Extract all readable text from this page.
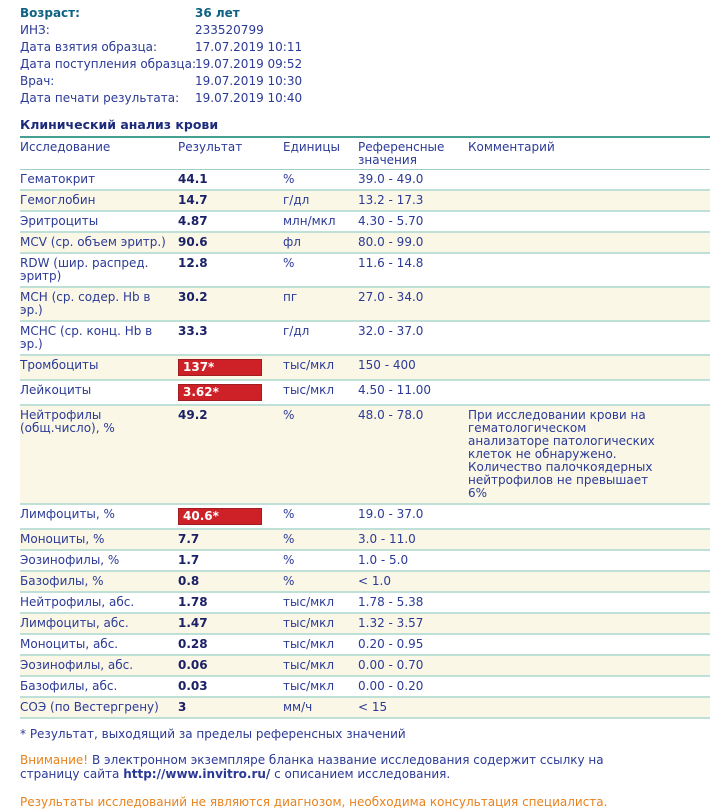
Возраст:	36 лет
ИНЗ:	233520799
Дата взятия образца:	17.07.2019 10:11
Дата поступления образца:19.07.2019 09:52
Врач:	19.07.2019 10:30
Дата печати результата: 19.07.2019 10:40
Клинический анализ крови
Исследование	Результат	Единицы	Референсные значения	Комментарий
Гематокрит	44.1	%	39.0 - 49.0	
Гемоглобин	14.7	г/дл	13.2 - 17.3	
Эритроциты	4.87	млн/мкл	4.30 - 5.70	
MCV (ср. объем эритр.)	90.6	фл	80.0 - 99.0	
RDW (шир. распред. эритр)	12.8	%	11.6 - 14.8	
MCH (ср. содер. Hb в эр.)	30.2	пг	27.0 - 34.0	
MCHC (ср. конц. Hb в эр.)	33.3	г/дл	32.0 - 37.0	
Тромбоциты	137*	тыс/мкл	150 - 400	
Лейкоциты	3.62*	тыс/мкл	4.50 - 11.00	
Нейтрофилы (общ.число), %	49.2	%	48.0 - 78.0	При исследовании крови на гематологическом анализаторе патологических клеток не обнаружено. Количество палочкоядерных нейтрофилов не превышает 6%
Лимфоциты, %	40.6*	%	19.0 - 37.0	
Моноциты, %	7.7	%	3.0 - 11.0	
Эозинофилы, %	1.7	%	1.0 - 5.0	
Базофилы, %	0.8	%	< 1.0	
Нейтрофилы, абс.	1.78	тыс/мкл	1.78 - 5.38	
Лимфоциты, абс.	1.47	тыс/мкл	1.32 - 3.57	
Моноциты, абс.	0.28	тыс/мкл	0.20 - 0.95	
Эозинофилы, абс.	0.06	тыс/мкл	0.00 - 0.70	
Базофилы, абс.	0.03	тыс/мкл	0.00 - 0.20	
СОЭ (по Вестергрену)	3	мм/ч	< 15	
* Результат, выходящий за пределы референсных значений
Внимание! В электронном экземпляре бланка название исследования содержит ссылку на страницу сайта http://www.invitro.ru/ с описанием исследования.
Результаты исследований не являются диагнозом, необходима консультация специалиста.
